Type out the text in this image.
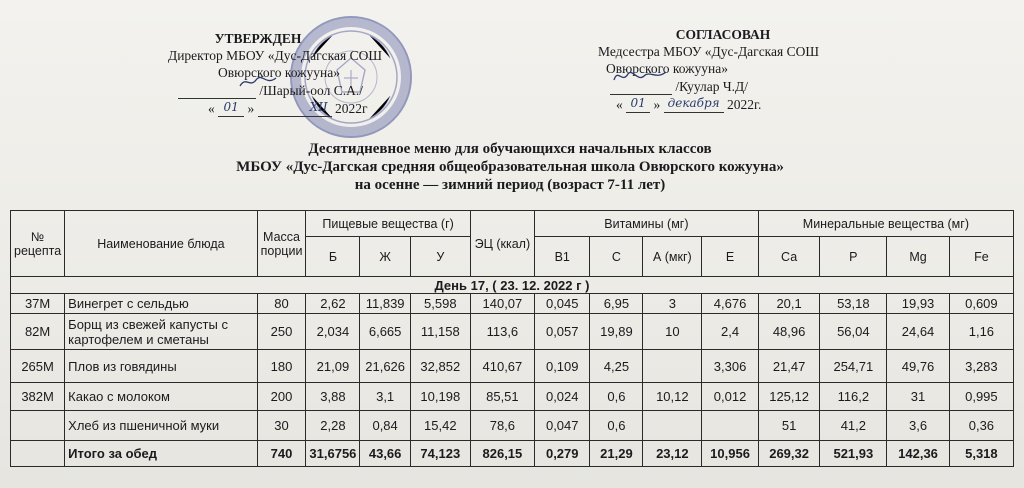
УТВЕРЖДЕН
Директор МБОУ «Дус-Дагская СОШ
Овюрского кожууна»
/Шарый-оол С.А./
« 01 »	XII 2022г
СОГЛАСОВАН
Медсестра МБОУ «Дус-Дагская СОШ
Овюрского кожууна»
/Куулар Ч.Д/
« 01 » декабря 2022г.
Десятидневное меню для обучающихся начальных классов
МБОУ «Дус-Дагская средняя общеобразовательная школа Овюрского кожууна»
на осенне — зимний период (возраст 7-11 лет)
№ рецепта	Наименование блюда	Масса порции	Пищевые вещества (г)			ЭЦ (ккал)	Витамины (мг)				Минеральные вещества (мг)			
			Б	Ж	У		В1	С	А (мкг)	Е	Са	Р	Mg	Fe
День 17, ( 23. 12. 2022 г )														
37М	Винегрет с сельдью	80	2,62	11,839	5,598	140,07	0,045	6,95	3	4,676	20,1	53,18	19,93	0,609
82М	Борщ из свежей капусты с картофелем и сметаны	250	2,034	6,665	11,158	113,6	0,057	19,89	10	2,4	48,96	56,04	24,64	1,16
265М	Плов из говядины	180	21,09	21,626	32,852	410,67	0,109	4,25		3,306	21,47	254,71	49,76	3,283
382М	Какао с молоком	200	3,88	3,1	10,198	85,51	0,024	0,6	10,12	0,012	125,12	116,2	31	0,995
	Хлеб из пшеничной муки	30	2,28	0,84	15,42	78,6	0,047	0,6			51	41,2	3,6	0,36
	Итого за обед	740	31,6756	43,66	74,123	826,15	0,279	21,29	23,12	10,956	269,32	521,93	142,36	5,318
